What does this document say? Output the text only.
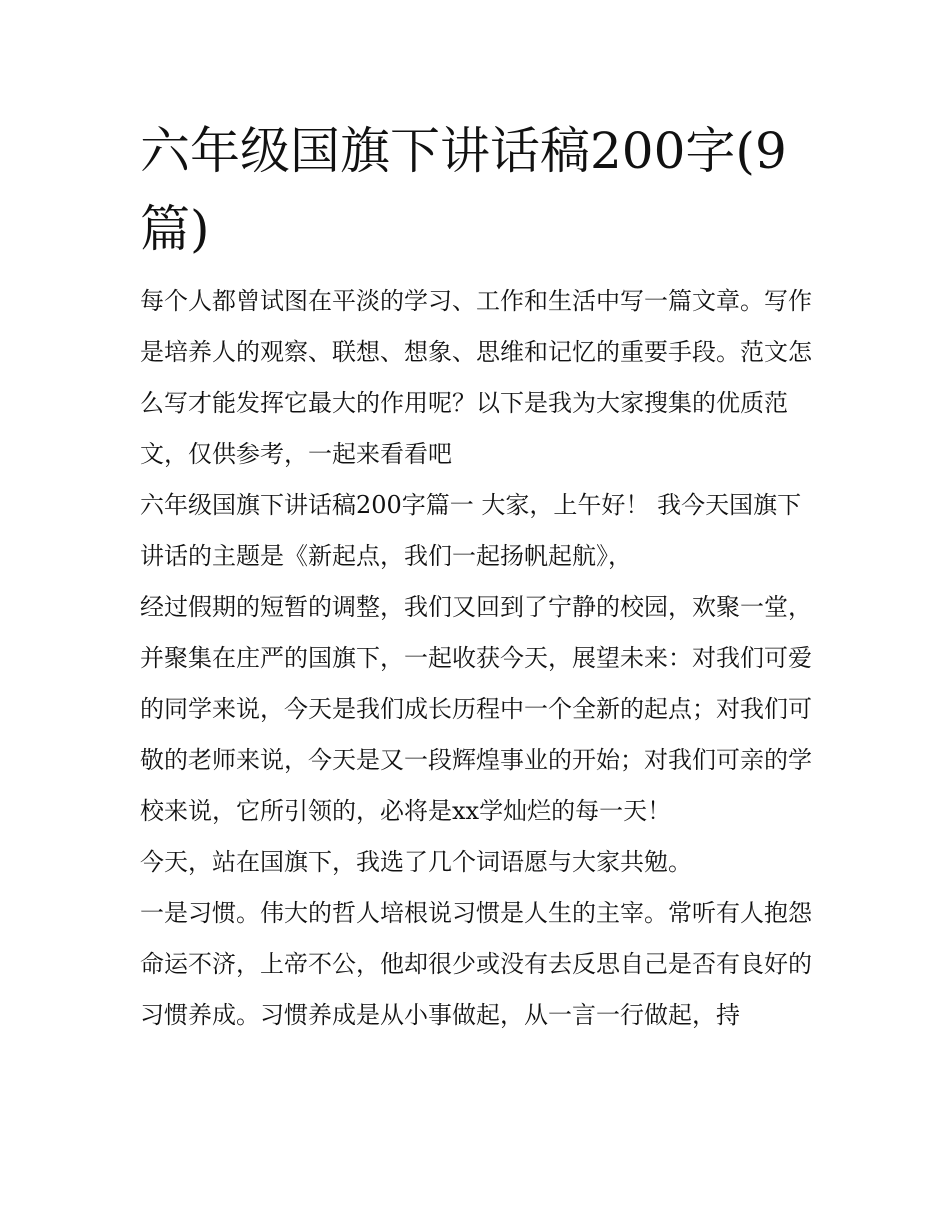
六年级国旗下讲话稿200字(9篇)

每个人都曾试图在平淡的学习、工作和生活中写一篇文章。写作是培养人的观察、联想、想象、思维和记忆的重要手段。范文怎么写才能发挥它最大的作用呢？以下是我为大家搜集的优质范文，仅供参考，一起来看看吧

六年级国旗下讲话稿200字篇一 大家，上午好！ 我今天国旗下讲话的主题是《新起点，我们一起扬帆起航》，

经过假期的短暂的调整，我们又回到了宁静的校园，欢聚一堂，并聚集在庄严的国旗下，一起收获今天，展望未来：对我们可爱的同学来说，今天是我们成长历程中一个全新的起点；对我们可敬的老师来说，今天是又一段辉煌事业的开始；对我们可亲的学校来说，它所引领的，必将是xx学灿烂的每一天！

今天，站在国旗下，我选了几个词语愿与大家共勉。

一是习惯。伟大的哲人培根说习惯是人生的主宰。常听有人抱怨命运不济，上帝不公，他却很少或没有去反思自己是否有良好的习惯养成。习惯养成是从小事做起，从一言一行做起，持
